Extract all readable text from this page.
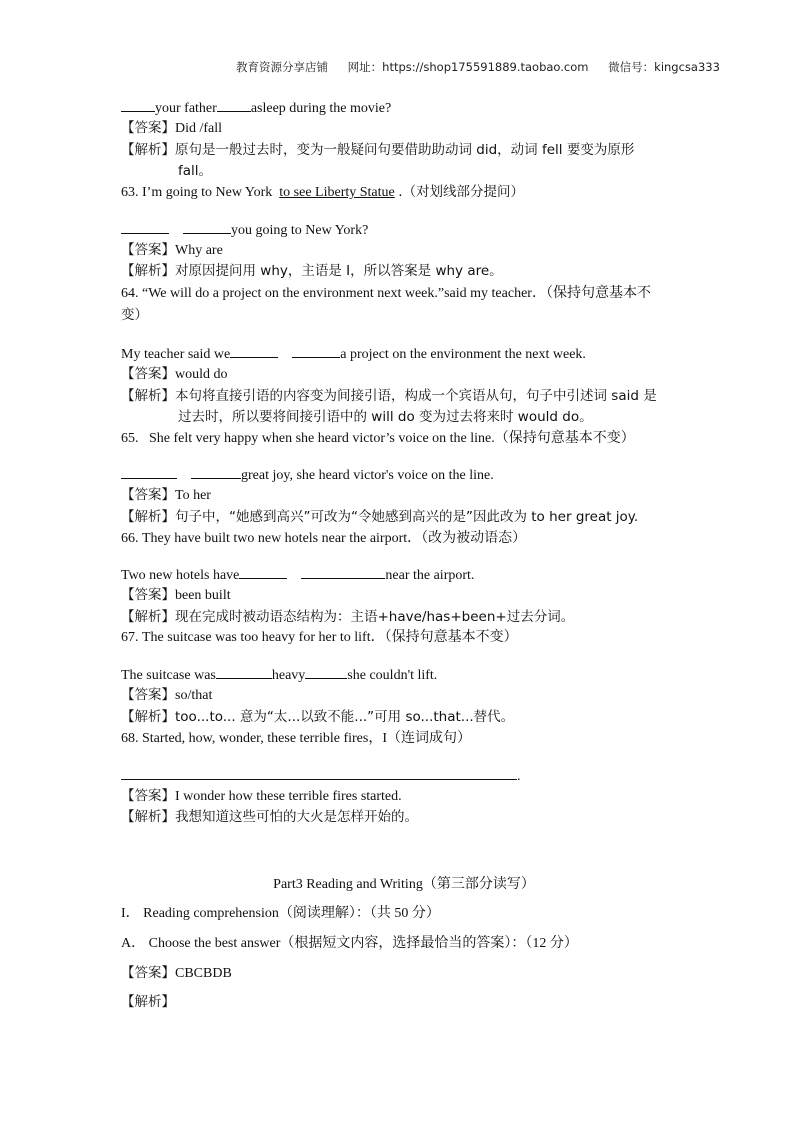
教育资源分享店铺 网址：https://shop175591889.taobao.com 微信号：kingcsa333
your father asleep during the movie?
【答案】Did /fall
【解析】原句是一般过去时，变为一般疑问句要借助助动词 did，动词 fell 要变为原形
fall。
63. I’m going to New York to see Liberty Statue .（对划线部分提问）
you going to New York?
【答案】Why are
【解析】对原因提问用 why，主语是 I，所以答案是 why are。
64. “We will do a project on the environment next week.”said my teacher．（保持句意基本不
变）
My teacher said we	a project on the environment the next week.
【答案】would do
【解析】本句将直接引语的内容变为间接引语，构成一个宾语从句，句子中引述词 said 是
过去时，所以要将间接引语中的 will do 变为过去将来时 would do。
65. She felt very happy when she heard victor’s voice on the line.（保持句意基本不变）
great joy, she heard victor's voice on the line.
【答案】To her
【解析】句子中，“她感到高兴”可改为“令她感到高兴的是”因此改为 to her great joy.
66. They have built two new hotels near the airport．（改为被动语态）
Two new hotels have	near the airport.
【答案】been built
【解析】现在完成时被动语态结构为：主语+have/has+been+过去分词。
67. The suitcase was too heavy for her to lift．（保持句意基本不变）
The suitcase was	heavy	she couldn't lift.
【答案】so/that
【解析】too...to... 意为“太...以致不能...”可用 so...that...替代。
68. Started, how, wonder, these terrible fires，I（连词成句）
.
【答案】I wonder how these terrible fires started.
【解析】我想知道这些可怕的大火是怎样开始的。
Part3 Reading and Writing（第三部分读写）
I． Reading comprehension（阅读理解）：（共 50 分）
A． Choose the best answer（根据短文内容，选择最恰当的答案）：（12 分）
【答案】CBCBDB
【解析】
